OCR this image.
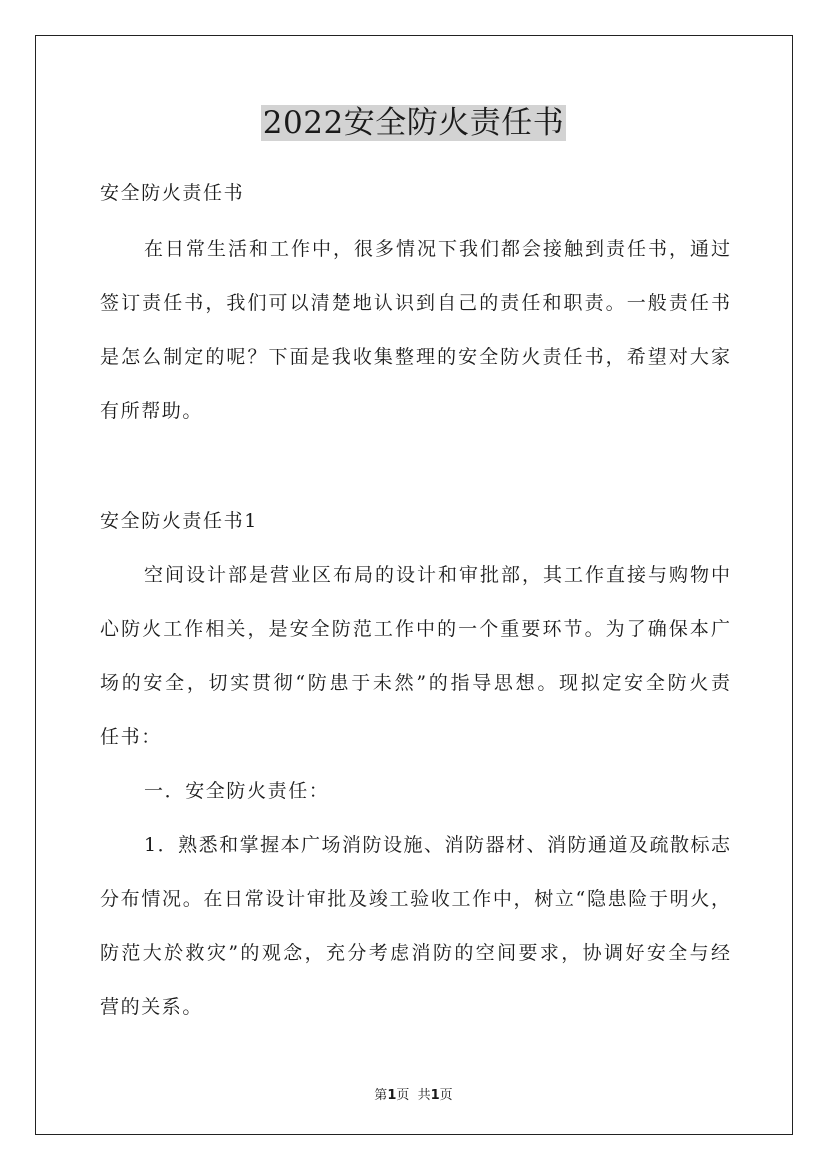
2022安全防火责任书
安全防火责任书
在日常生活和工作中，很多情况下我们都会接触到责任书，通过
签订责任书，我们可以清楚地认识到自己的责任和职责。一般责任书
是怎么制定的呢？下面是我收集整理的安全防火责任书，希望对大家
有所帮助。
安全防火责任书1
空间设计部是营业区布局的设计和审批部，其工作直接与购物中
心防火工作相关，是安全防范工作中的一个重要环节。为了确保本广
场的安全，切实贯彻“防患于未然”的指导思想。现拟定安全防火责
任书：
一．安全防火责任：
1．熟悉和掌握本广场消防设施、消防器材、消防通道及疏散标志
分布情况。在日常设计审批及竣工验收工作中，树立“隐患险于明火，
防范大於救灾”的观念，充分考虑消防的空间要求，协调好安全与经
营的关系。
第1页  共1页
